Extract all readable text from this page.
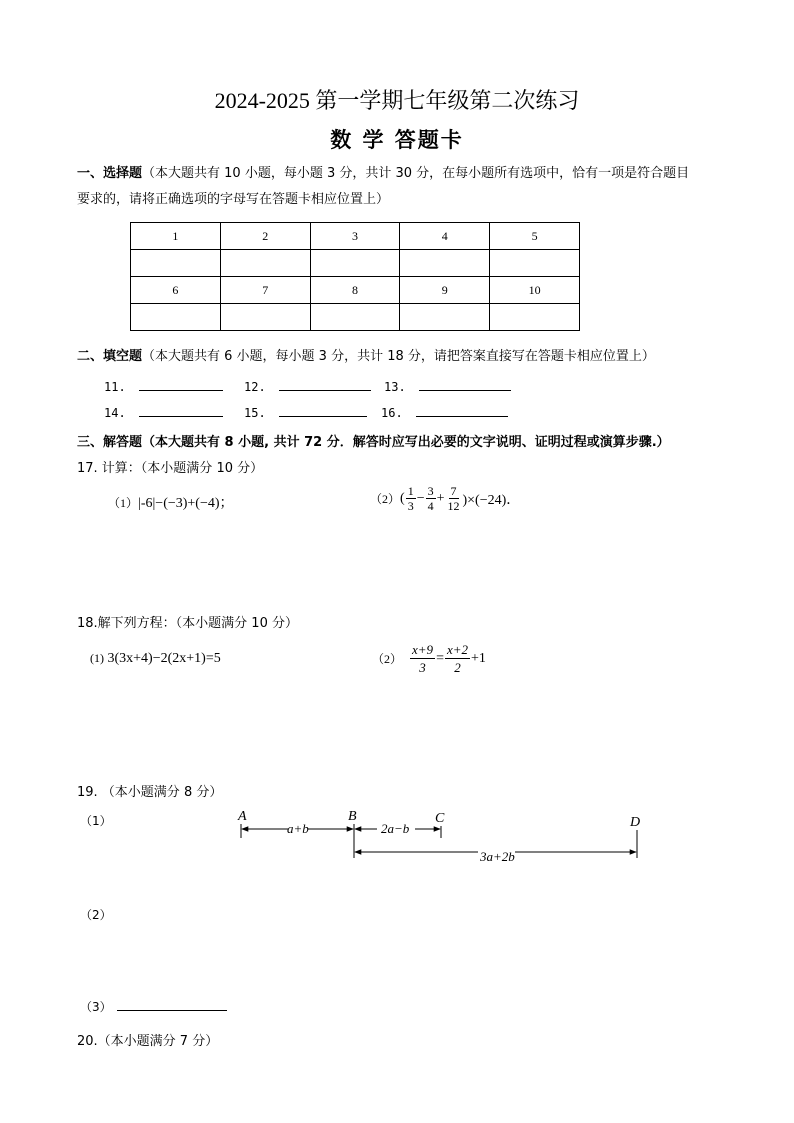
2024-2025 第一学期七年级第二次练习
数 学 答题卡
一、选择题（本大题共有 10 小题，每小题 3 分，共计 30 分，在每小题所有选项中，恰有一项是符合题目
要求的，请将正确选项的字母写在答题卡相应位置上）
1	2	3	4	5

6	7	8	9	10

二、填空题（本大题共有 6 小题，每小题 3 分，共计 18 分，请把答案直接写在答题卡相应位置上）
11.	12.	13.
14.	15.	16.
三、解答题（本大题共有 8 小题, 共计 72 分．解答时应写出必要的文字说明、证明过程或演算步骤.）
17. 计算：（本小题满分 10 分）
（1）|-6|−(−3)+(−4)；	（2） ( $\frac{1}{3} - \frac{3}{4} + \frac{7}{12} )\times(-24)$．
18.解下列方程：（本小题满分 10 分）
(1) 3(3x+4)−2(2x+1)=5	$(2) \frac{x+9}{3} = \frac{x+2}{2} +1$
19. （本小题满分 8 分）
（1）	A	B	C	D
a+b	2a−b
3a+2b
（2）
（3）
20.（本小题满分 7 分）
